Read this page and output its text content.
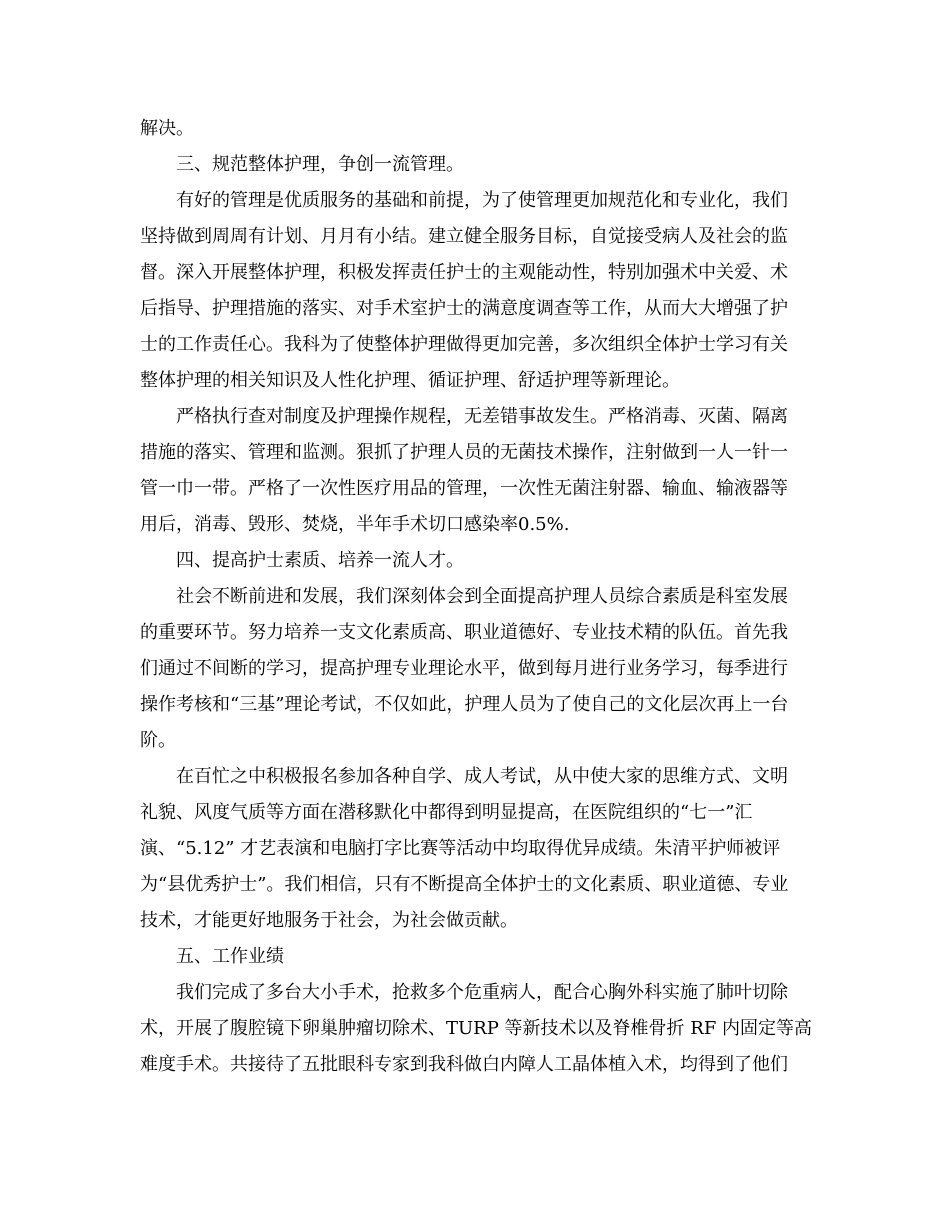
解决。

三、规范整体护理，争创一流管理。

有好的管理是优质服务的基础和前提，为了使管理更加规范化和专业化，我们

坚持做到周周有计划、月月有小结。建立健全服务目标，自觉接受病人及社会的监

督。深入开展整体护理，积极发挥责任护士的主观能动性，特别加强术中关爱、术

后指导、护理措施的落实、对手术室护士的满意度调查等工作，从而大大增强了护

士的工作责任心。我科为了使整体护理做得更加完善，多次组织全体护士学习有关

整体护理的相关知识及人性化护理、循证护理、舒适护理等新理论。

严格执行查对制度及护理操作规程，无差错事故发生。严格消毒、灭菌、隔离

措施的落实、管理和监测。狠抓了护理人员的无菌技术操作，注射做到一人一针一

管一巾一带。严格了一次性医疗用品的管理，一次性无菌注射器、输血、输液器等

用后，消毒、毁形、焚烧，半年手术切口感染率0.5%.

四、提高护士素质、培养一流人才。

社会不断前进和发展，我们深刻体会到全面提高护理人员综合素质是科室发展

的重要环节。努力培养一支文化素质高、职业道德好、专业技术精的队伍。首先我

们通过不间断的学习，提高护理专业理论水平，做到每月进行业务学习，每季进行

操作考核和“三基”理论考试，不仅如此，护理人员为了使自己的文化层次再上一台

阶。

在百忙之中积极报名参加各种自学、成人考试，从中使大家的思维方式、文明

礼貌、风度气质等方面在潜移默化中都得到明显提高，在医院组织的“七一”汇

演、“5.12” 才艺表演和电脑打字比赛等活动中均取得优异成绩。朱清平护师被评

为“县优秀护士”。我们相信，只有不断提高全体护士的文化素质、职业道德、专业

技术，才能更好地服务于社会，为社会做贡献。

五、工作业绩

我们完成了多台大小手术，抢救多个危重病人，配合心胸外科实施了肺叶切除

术，开展了腹腔镜下卵巢肿瘤切除术、TURP 等新技术以及脊椎骨折 RF 内固定等高

难度手术。共接待了五批眼科专家到我科做白内障人工晶体植入术，均得到了他们
